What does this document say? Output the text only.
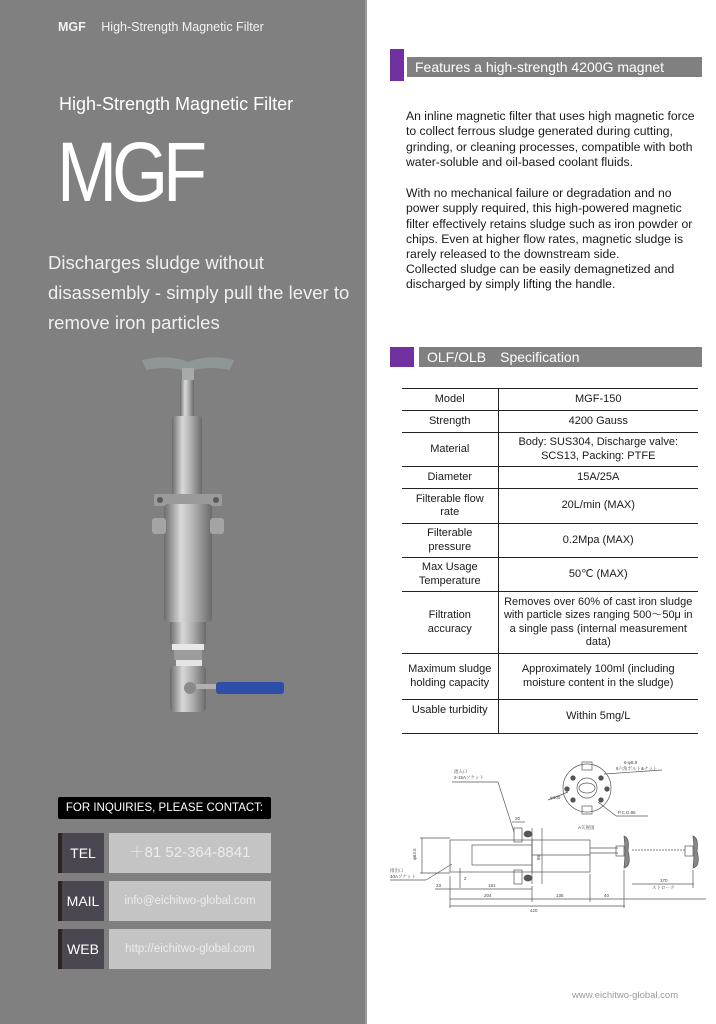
MGF High-Strength Magnetic Filter
High-Strength Magnetic Filter
MGF
Discharges sludge without disassembly - simply pull the lever to remove iron particles
FOR INQUIRIES, PLEASE CONTACT:
TEL	＋81 52-364-8841
MAIL	info@eichitwo-global.com
WEB	http://eichitwo-global.com
Features a high-strength 4200G magnet
An inline magnetic filter that uses high magnetic force to collect ferrous sludge generated during cutting, grinding, or cleaning processes, compatible with both water-soluble and oil-based coolant fluids.
With no mechanical failure or degradation and no power supply required, this high-powered magnetic filter effectively retains sludge such as iron powder or chips. Even at higher flow rates, magnetic sludge is rarely released to the downstream side.
Collected sludge can be easily demagnetized and discharged by simply lifting the handle.
OLF/OLB　Specification
Model	MGF-150
Strength	4200 Gauss
Material	Body: SUS304, Discharge valve: SCS13, Packing: PTFE
Diameter	15A/25A
Filterable flow rate	20L/min (MAX)
Filterable pressure	0.2Mpa (MAX)
Max Usage Temperature	50℃ (MAX)
Filtration accuracy	Removes over 60% of cast iron sludge with particle sizes ranging 500～50μ in a single pass (internal measurement data)
Maximum sludge holding capacity	Approximately 100ml (including moisture content in the sludge)
Usable turbidity	Within 5mg/L
流入口
2-15Aソケット
排出口
40Aソケット
6-φ8.8
6六角ボルト&ナット
φ100
P.C.D.86
A矢視図
φ63.5	86
20
23
2
181
204	135	40
170
ストローク
420
www.eichitwo-global.com
